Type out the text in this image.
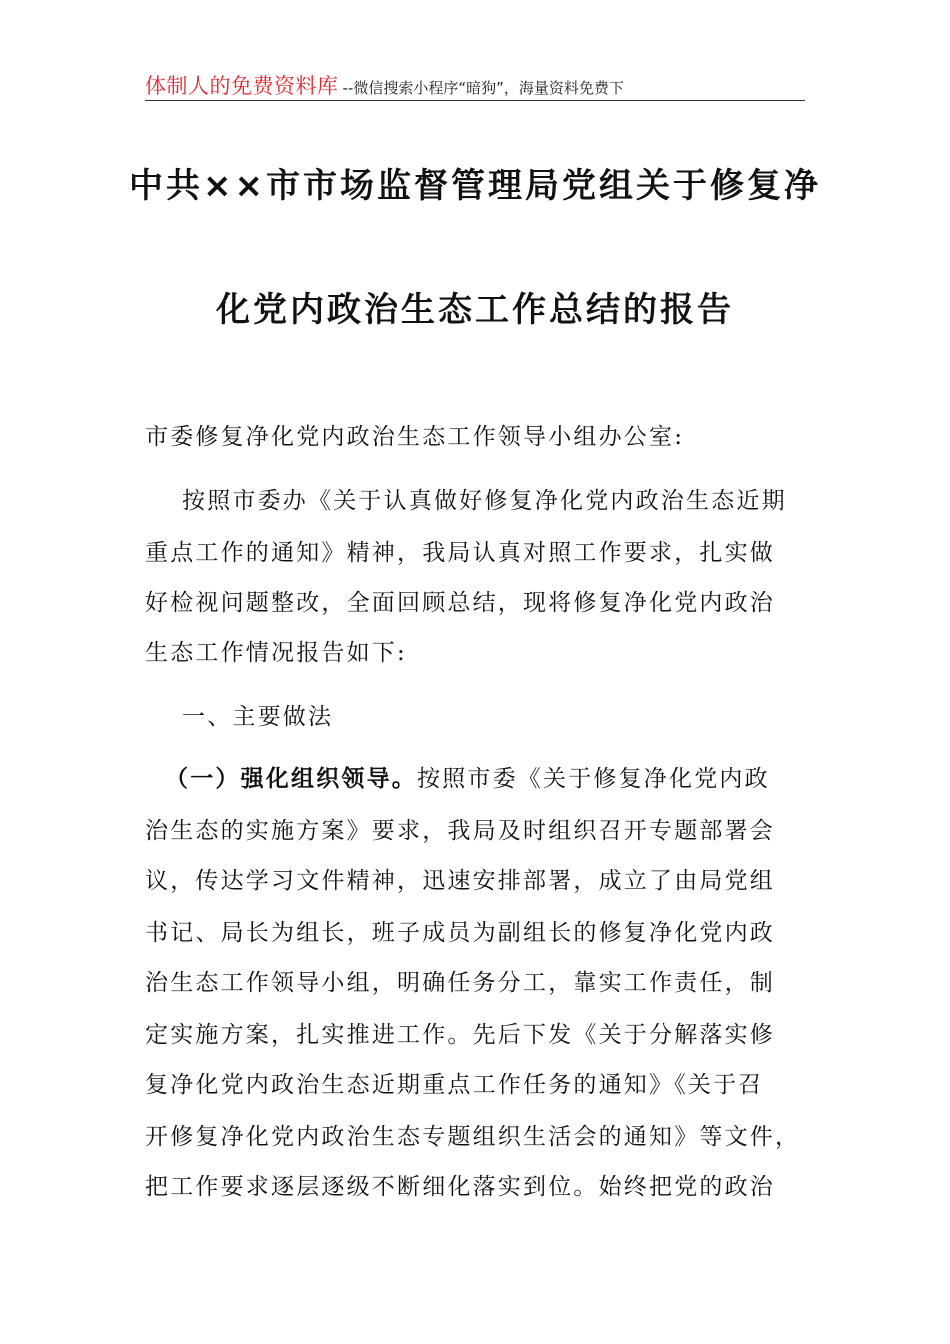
体制人的免费资料库 --微信搜索小程序“暗狗”，海量资料免费下
中共××市市场监督管理局党组关于修复净
化党内政治生态工作总结的报告
市委修复净化党内政治生态工作领导小组办公室:
按照市委办《关于认真做好修复净化党内政治生态近期
重点工作的通知》精神，我局认真对照工作要求，扎实做
好检视问题整改，全面回顾总结，现将修复净化党内政治
生态工作情况报告如下:
一、主要做法
（一）强化组织领导。按照市委《关于修复净化党内政
治生态的实施方案》要求，我局及时组织召开专题部署会
议，传达学习文件精神，迅速安排部署，成立了由局党组
书记、局长为组长，班子成员为副组长的修复净化党内政
治生态工作领导小组，明确任务分工，靠实工作责任，制
定实施方案，扎实推进工作。先后下发《关于分解落实修
复净化党内政治生态近期重点工作任务的通知》《关于召
开修复净化党内政治生态专题组织生活会的通知》等文件，
把工作要求逐层逐级不断细化落实到位。始终把党的政治
